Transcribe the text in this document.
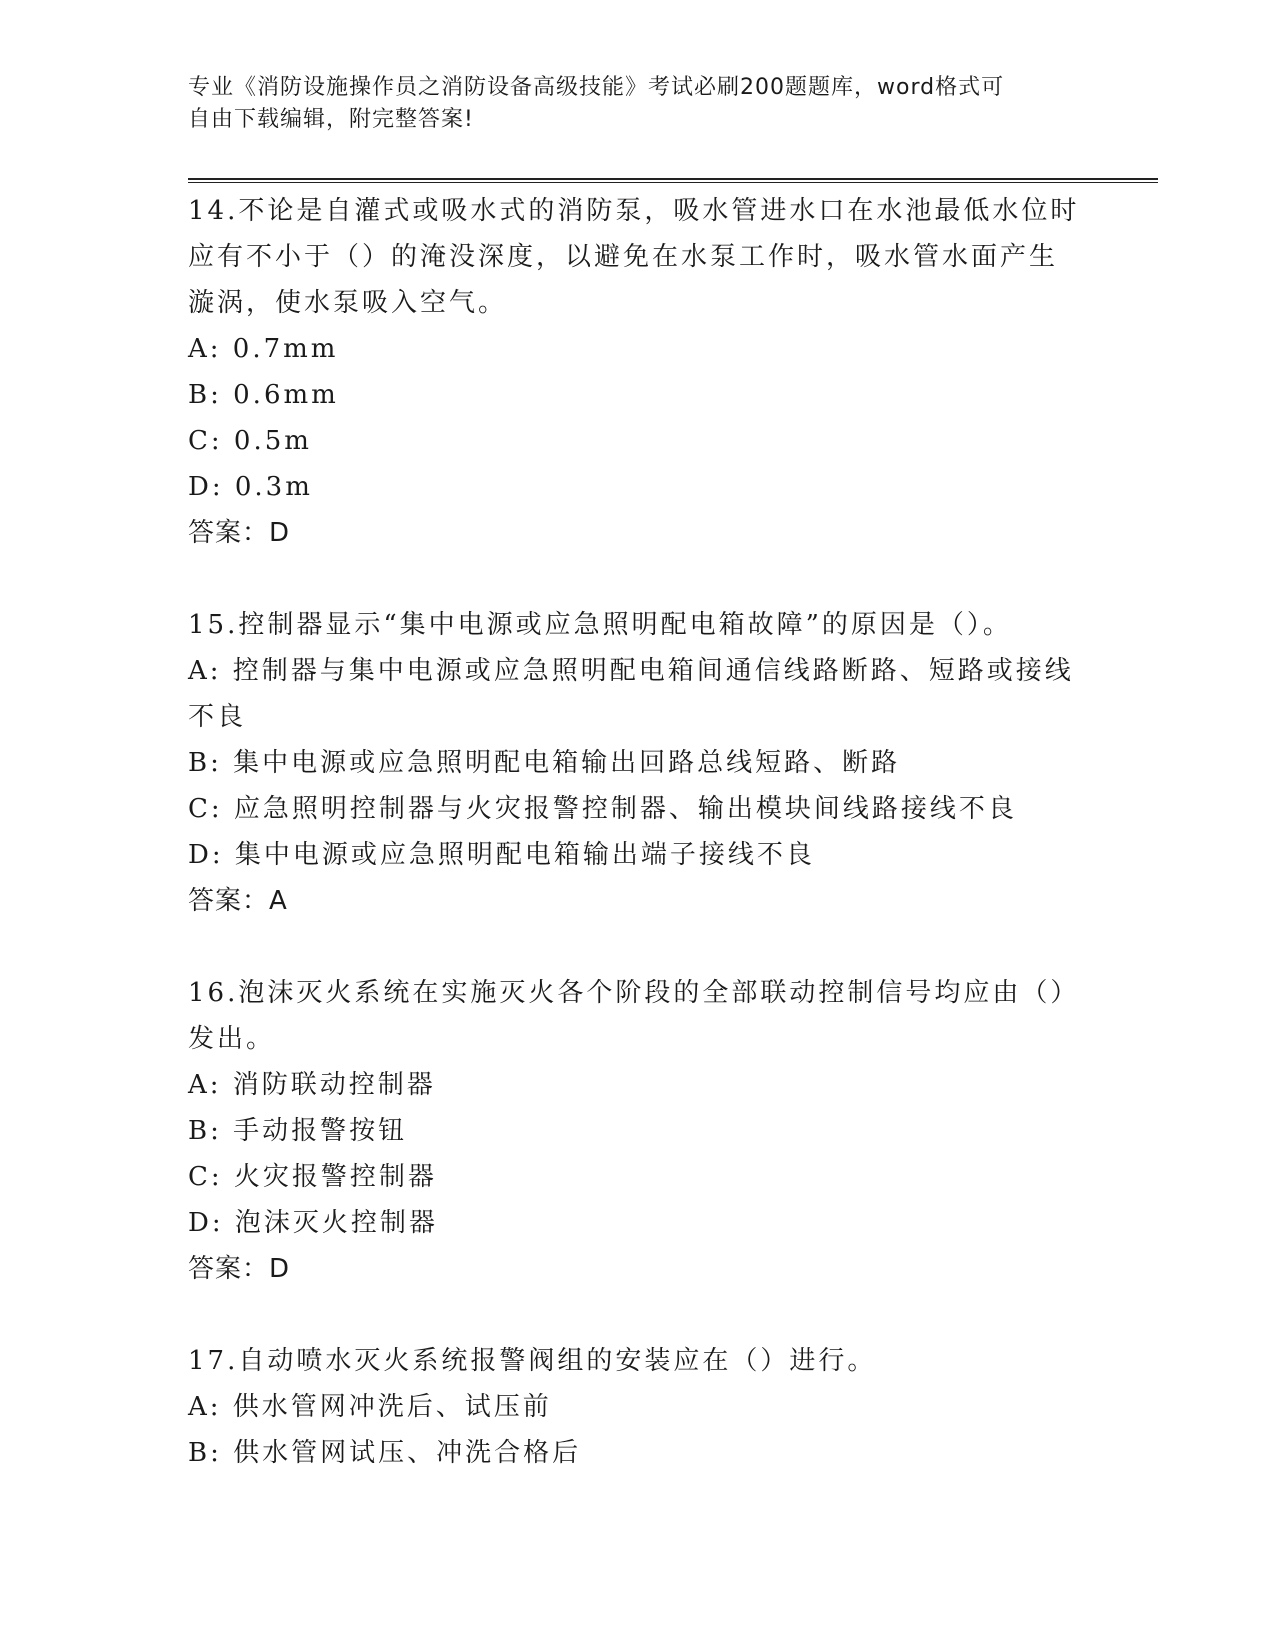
专业《消防设施操作员之消防设备高级技能》考试必刷200题题库，word格式可
自由下载编辑，附完整答案!

14.不论是自灌式或吸水式的消防泵，吸水管进水口在水池最低水位时

应有不小于（）的淹没深度，以避免在水泵工作时，吸水管水面产生

漩涡，使水泵吸入空气。

A: 0.7mm

B: 0.6mm

C: 0.5m

D: 0.3m

答案：D

15.控制器显示“集中电源或应急照明配电箱故障”的原因是（）。

A: 控制器与集中电源或应急照明配电箱间通信线路断路、短路或接线

不良

B: 集中电源或应急照明配电箱输出回路总线短路、断路

C: 应急照明控制器与火灾报警控制器、输出模块间线路接线不良

D: 集中电源或应急照明配电箱输出端子接线不良

答案：A

16.泡沫灭火系统在实施灭火各个阶段的全部联动控制信号均应由（）

发出。

A: 消防联动控制器

B: 手动报警按钮

C: 火灾报警控制器

D: 泡沫灭火控制器

答案：D

17.自动喷水灭火系统报警阀组的安装应在（）进行。

A: 供水管网冲洗后、试压前

B: 供水管网试压、冲洗合格后
